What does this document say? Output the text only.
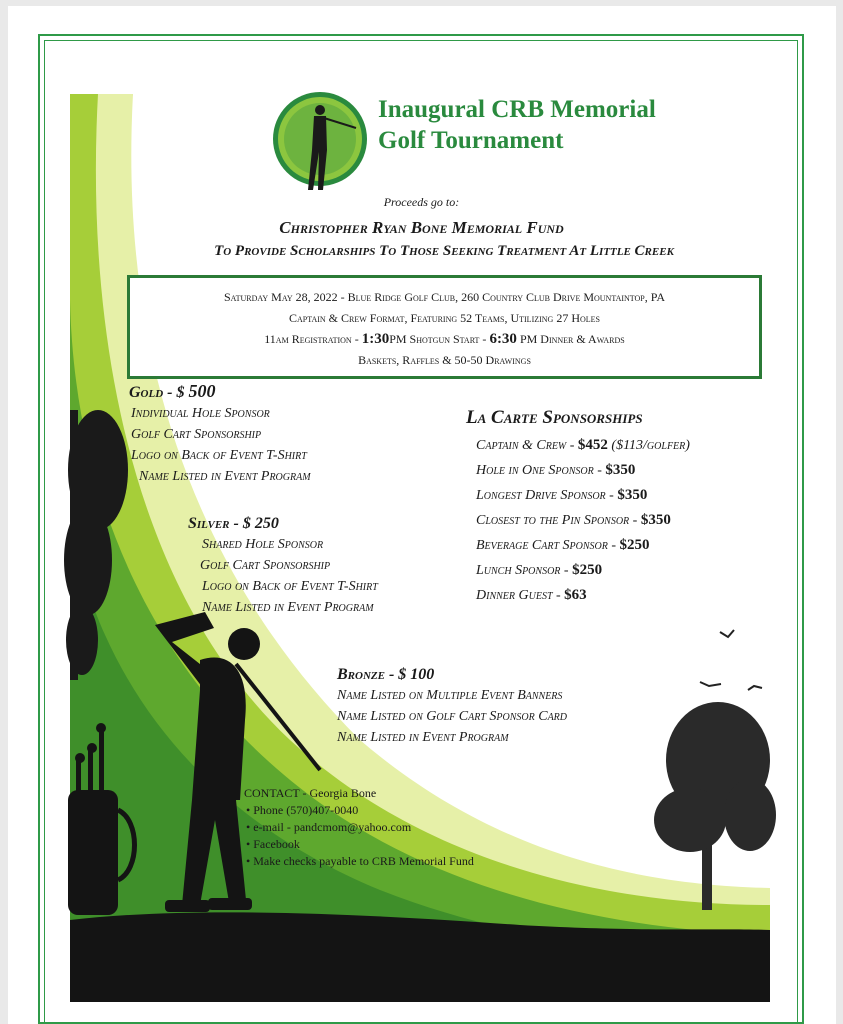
Inaugural CRB Memorial
Golf Tournament
Proceeds go to:
Christopher Ryan Bone Memorial Fund
To Provide Scholarships To Those Seeking Treatment At Little Creek
Saturday May 28, 2022 - Blue Ridge Golf Club, 260 Country Club Drive Mountaintop, PA
Captain & Crew Format, Featuring 52 Teams, Utilizing 27 Holes
11am Registration - 1:30PM Shotgun Start - 6:30 PM Dinner & Awards
Baskets, Raffles & 50-50 Drawings
Gold - $ 500
Individual Hole Sponsor
Golf Cart Sponsorship
Logo on Back of Event T-Shirt
Name Listed in Event Program
Silver - $ 250
Shared Hole Sponsor
Golf Cart Sponsorship
Logo on Back of Event T-Shirt
Name Listed in Event Program
Bronze - $ 100
Name Listed on Multiple Event Banners
Name Listed on Golf Cart Sponsor Card
Name Listed in Event Program
La Carte Sponsorships
Captain & Crew - $452 ($113/golfer)
Hole in One Sponsor - $350
Longest Drive Sponsor - $350
Closest to the Pin Sponsor - $350
Beverage Cart Sponsor - $250
Lunch Sponsor - $250
Dinner Guest - $63
CONTACT - Georgia Bone
• Phone (570)407-0040
• e-mail - pandcmom@yahoo.com
• Facebook
• Make checks payable to CRB Memorial Fund
